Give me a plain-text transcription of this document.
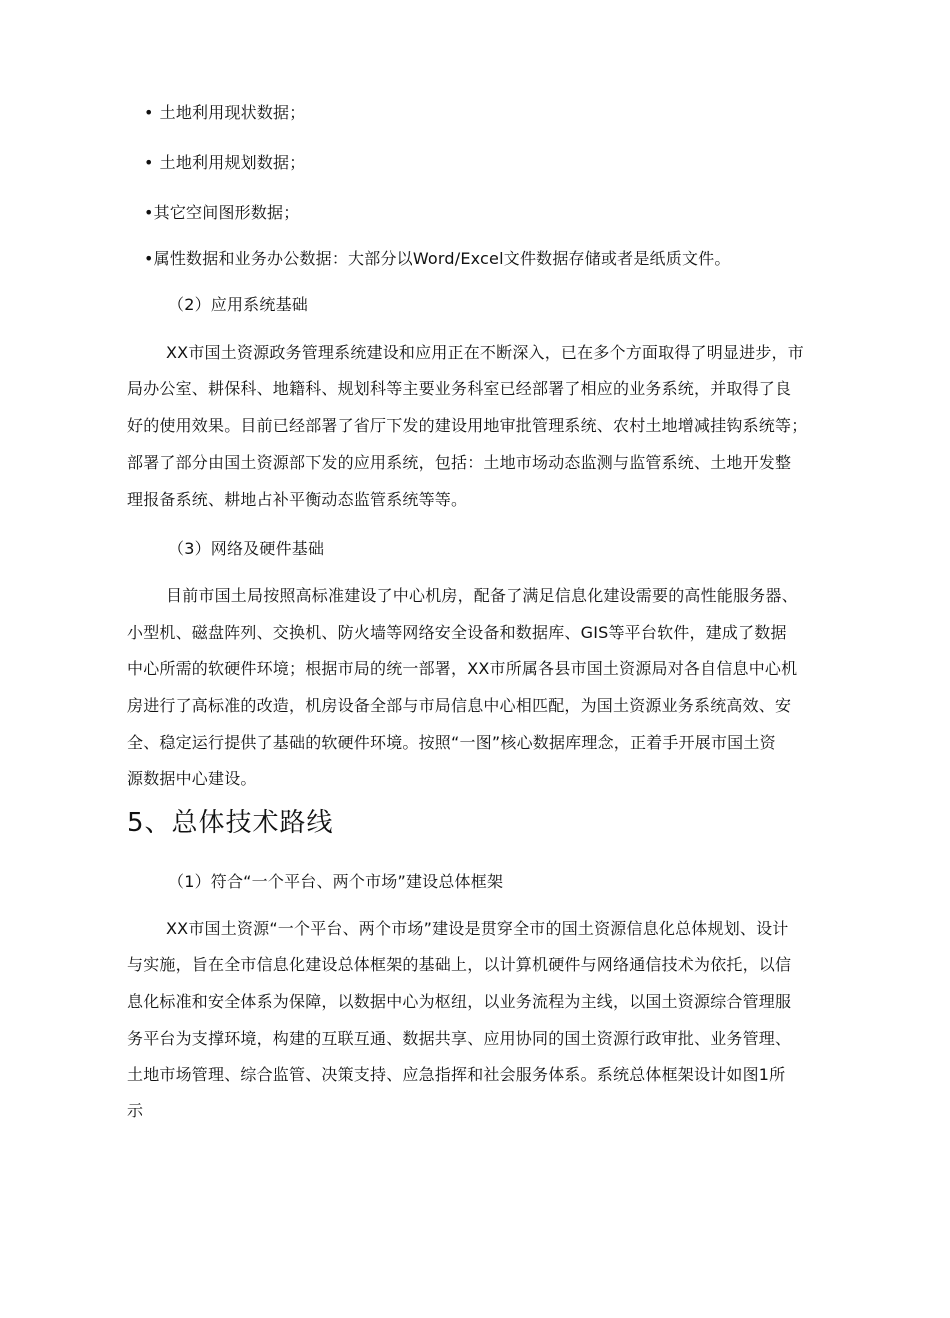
• 土地利用现状数据；
• 土地利用规划数据；
•其它空间图形数据；
•属性数据和业务办公数据：大部分以Word/Excel文件数据存储或者是纸质文件。
（2）应用系统基础
XX市国土资源政务管理系统建设和应用正在不断深入，已在多个方面取得了明显进步，市
局办公室、耕保科、地籍科、规划科等主要业务科室已经部署了相应的业务系统，并取得了良
好的使用效果。目前已经部署了省厅下发的建设用地审批管理系统、农村土地增减挂钩系统等；
部署了部分由国土资源部下发的应用系统，包括：土地市场动态监测与监管系统、土地开发整
理报备系统、耕地占补平衡动态监管系统等等。
（3）网络及硬件基础
目前市国土局按照高标准建设了中心机房，配备了满足信息化建设需要的高性能服务器、
小型机、磁盘阵列、交换机、防火墙等网络安全设备和数据库、GIS等平台软件，建成了数据
中心所需的软硬件环境；根据市局的统一部署，XX市所属各县市国土资源局对各自信息中心机
房进行了高标准的改造，机房设备全部与市局信息中心相匹配，为国土资源业务系统高效、安
全、稳定运行提供了基础的软硬件环境。按照“一图”核心数据库理念，正着手开展市国土资
源数据中心建设。
5、总体技术路线
（1）符合“一个平台、两个市场”建设总体框架
XX市国土资源“一个平台、两个市场”建设是贯穿全市的国土资源信息化总体规划、设计
与实施，旨在全市信息化建设总体框架的基础上，以计算机硬件与网络通信技术为依托，以信
息化标准和安全体系为保障，以数据中心为枢纽，以业务流程为主线，以国土资源综合管理服
务平台为支撑环境，构建的互联互通、数据共享、应用协同的国土资源行政审批、业务管理、
土地市场管理、综合监管、决策支持、应急指挥和社会服务体系。系统总体框架设计如图1所
示
